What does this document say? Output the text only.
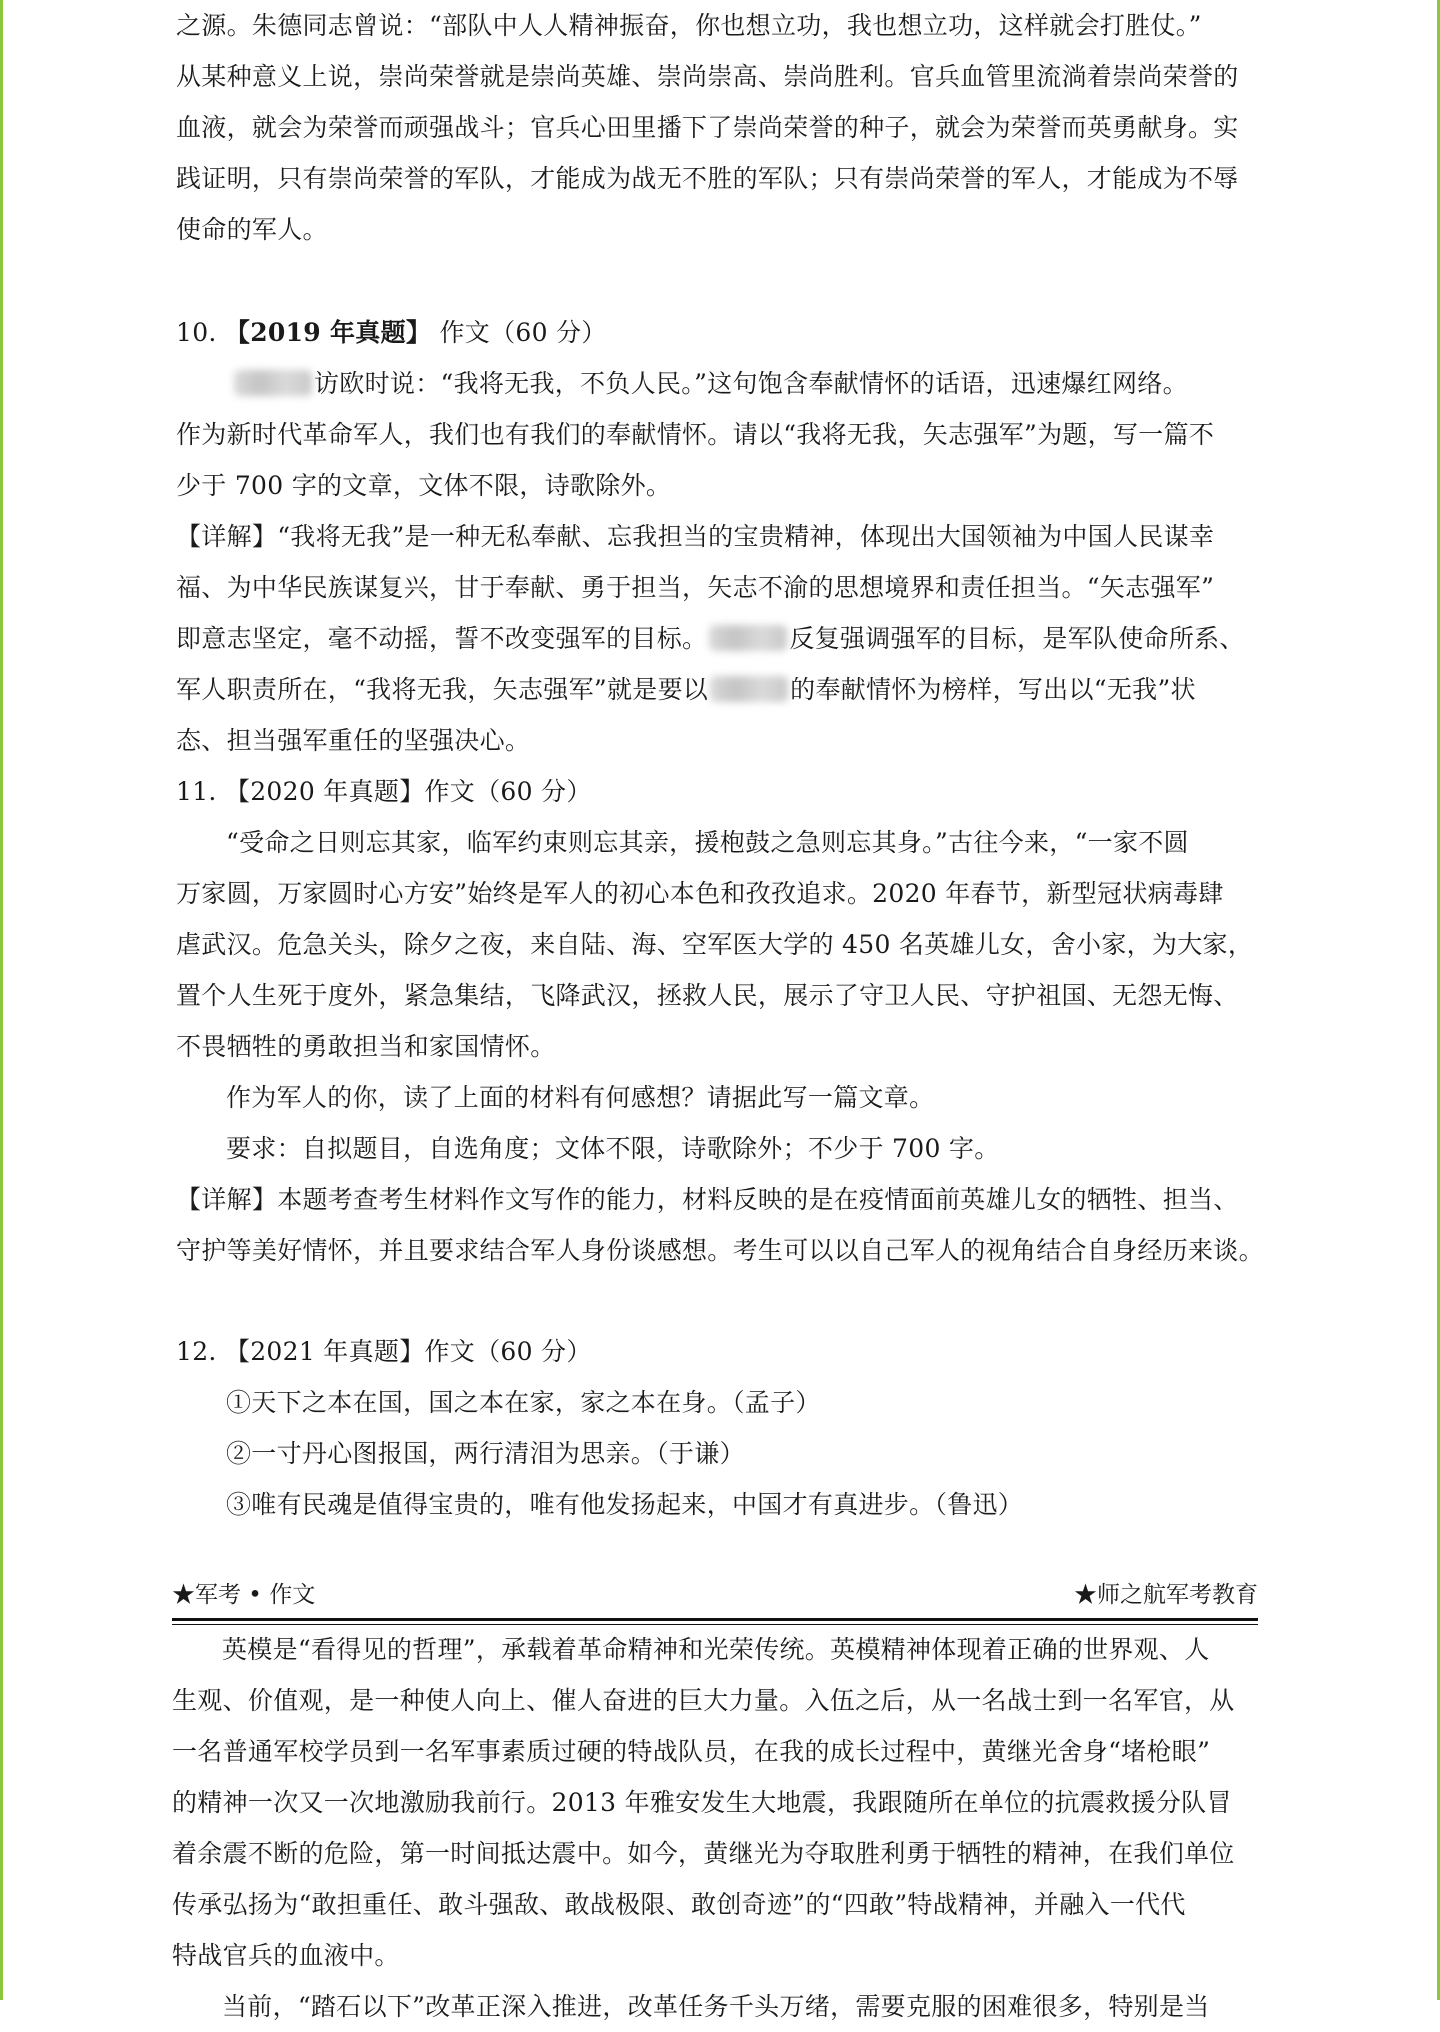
之源。朱德同志曾说：“部队中人人精神振奋，你也想立功，我也想立功，这样就会打胜仗。”

从某种意义上说，崇尚荣誉就是崇尚英雄、崇尚崇高、崇尚胜利。官兵血管里流淌着崇尚荣誉的

血液，就会为荣誉而顽强战斗；官兵心田里播下了崇尚荣誉的种子，就会为荣誉而英勇献身。实

践证明，只有崇尚荣誉的军队，才能成为战无不胜的军队；只有崇尚荣誉的军人，才能成为不辱

使命的军人。

10. 【2019 年真题】 作文（60 分）

访欧时说：“我将无我，不负人民。”这句饱含奉献情怀的话语，迅速爆红网络。

作为新时代革命军人，我们也有我们的奉献情怀。请以“我将无我，矢志强军”为题，写一篇不

少于 700 字的文章，文体不限，诗歌除外。

【详解】“我将无我”是一种无私奉献、忘我担当的宝贵精神，体现出大国领袖为中国人民谋幸

福、为中华民族谋复兴，甘于奉献、勇于担当，矢志不渝的思想境界和责任担当。“矢志强军”

即意志坚定，毫不动摇，誓不改变强军的目标。	反复强调强军的目标，是军队使命所系、

军人职责所在，“我将无我，矢志强军”就是要以	的奉献情怀为榜样，写出以“无我”状

态、担当强军重任的坚强决心。

11. 【2020 年真题】作文（60 分）

“受命之日则忘其家，临军约束则忘其亲，援枹鼓之急则忘其身。”古往今来，“一家不圆

万家圆，万家圆时心方安”始终是军人的初心本色和孜孜追求。2020 年春节，新型冠状病毒肆

虐武汉。危急关头，除夕之夜，来自陆、海、空军医大学的 450 名英雄儿女，舍小家，为大家，

置个人生死于度外，紧急集结，飞降武汉，拯救人民，展示了守卫人民、守护祖国、无怨无悔、

不畏牺牲的勇敢担当和家国情怀。

作为军人的你，读了上面的材料有何感想？请据此写一篇文章。

要求：自拟题目，自选角度；文体不限，诗歌除外；不少于 700 字。

【详解】本题考查考生材料作文写作的能力，材料反映的是在疫情面前英雄儿女的牺牲、担当、

守护等美好情怀，并且要求结合军人身份谈感想。考生可以以自己军人的视角结合自身经历来谈。

12. 【2021 年真题】作文（60 分）

①天下之本在国，国之本在家，家之本在身。（孟子）

②一寸丹心图报国，两行清泪为思亲。（于谦）

③唯有民魂是值得宝贵的，唯有他发扬起来，中国才有真进步。（鲁迅）

★军考 • 作文	★师之航军考教育

英模是“看得见的哲理”，承载着革命精神和光荣传统。英模精神体现着正确的世界观、人

生观、价值观，是一种使人向上、催人奋进的巨大力量。入伍之后，从一名战士到一名军官，从

一名普通军校学员到一名军事素质过硬的特战队员，在我的成长过程中，黄继光舍身“堵枪眼”

的精神一次又一次地激励我前行。2013 年雅安发生大地震，我跟随所在单位的抗震救援分队冒

着余震不断的危险，第一时间抵达震中。如今，黄继光为夺取胜利勇于牺牲的精神，在我们单位

传承弘扬为“敢担重任、敢斗强敌、敢战极限、敢创奇迹”的“四敢”特战精神，并融入一代代

特战官兵的血液中。

当前，“踏石以下”改革正深入推进，改革任务千头万绪，需要克服的困难很多，特别是当
